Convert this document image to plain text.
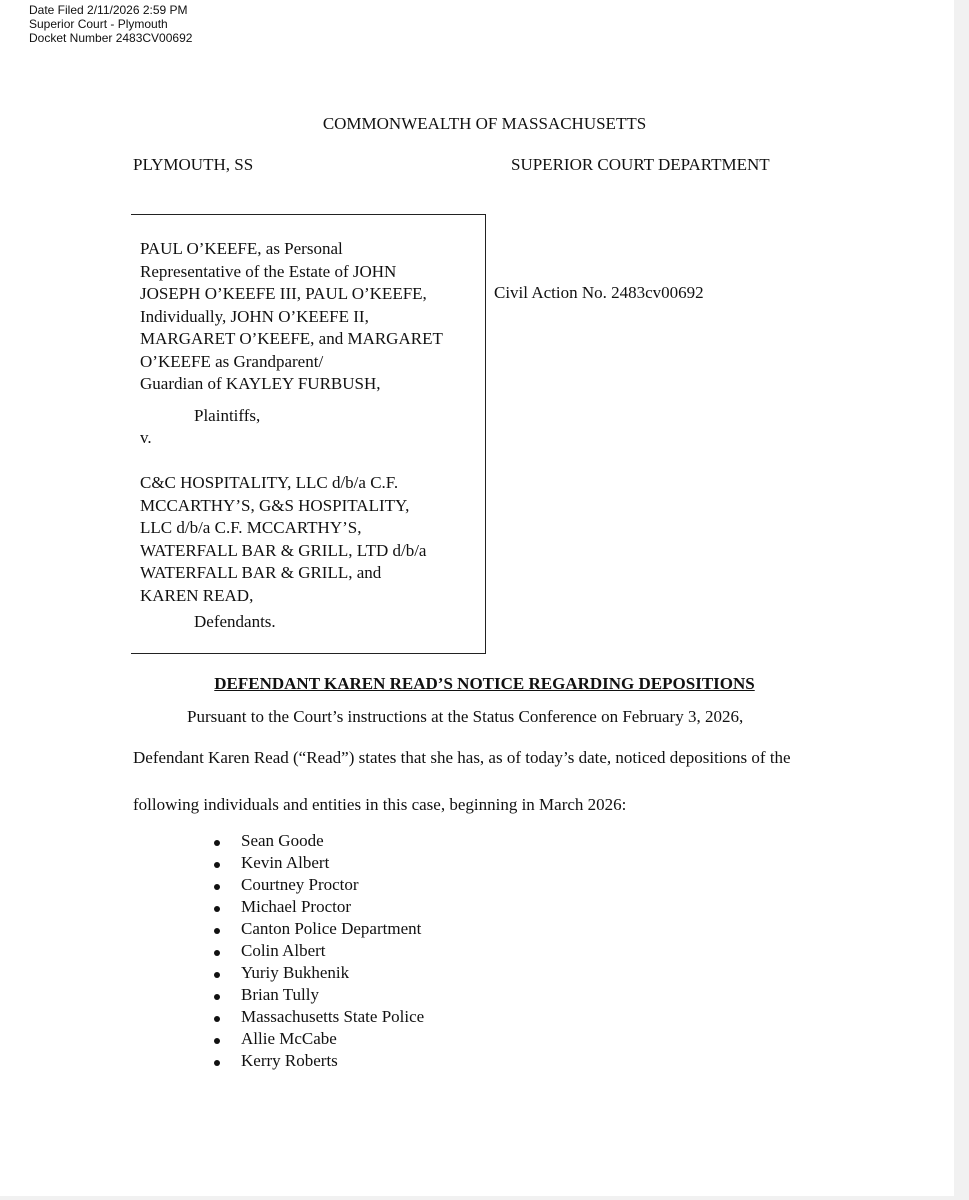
Date Filed 2/11/2026 2:59 PM
Superior Court - Plymouth
Docket Number 2483CV00692
COMMONWEALTH OF MASSACHUSETTS
PLYMOUTH, SS	SUPERIOR COURT DEPARTMENT
PAUL O’KEEFE, as Personal
Representative of the Estate of JOHN
JOSEPH O’KEEFE III, PAUL O’KEEFE,
Individually, JOHN O’KEEFE II,
MARGARET O’KEEFE, and MARGARET
O’KEEFE as Grandparent/
Guardian of KAYLEY FURBUSH,
Plaintiffs,
v.
C&C HOSPITALITY, LLC d/b/a C.F.
MCCARTHY’S, G&S HOSPITALITY,
LLC d/b/a C.F. MCCARTHY’S,
WATERFALL BAR & GRILL, LTD d/b/a
WATERFALL BAR & GRILL, and
KAREN READ,
Defendants.
Civil Action No. 2483cv00692
DEFENDANT KAREN READ’S NOTICE REGARDING DEPOSITIONS
Pursuant to the Court’s instructions at the Status Conference on February 3, 2026,
Defendant Karen Read (“Read”) states that she has, as of today’s date, noticed depositions of the
following individuals and entities in this case, beginning in March 2026:
Sean Goode
Kevin Albert
Courtney Proctor
Michael Proctor
Canton Police Department
Colin Albert
Yuriy Bukhenik
Brian Tully
Massachusetts State Police
Allie McCabe
Kerry Roberts
